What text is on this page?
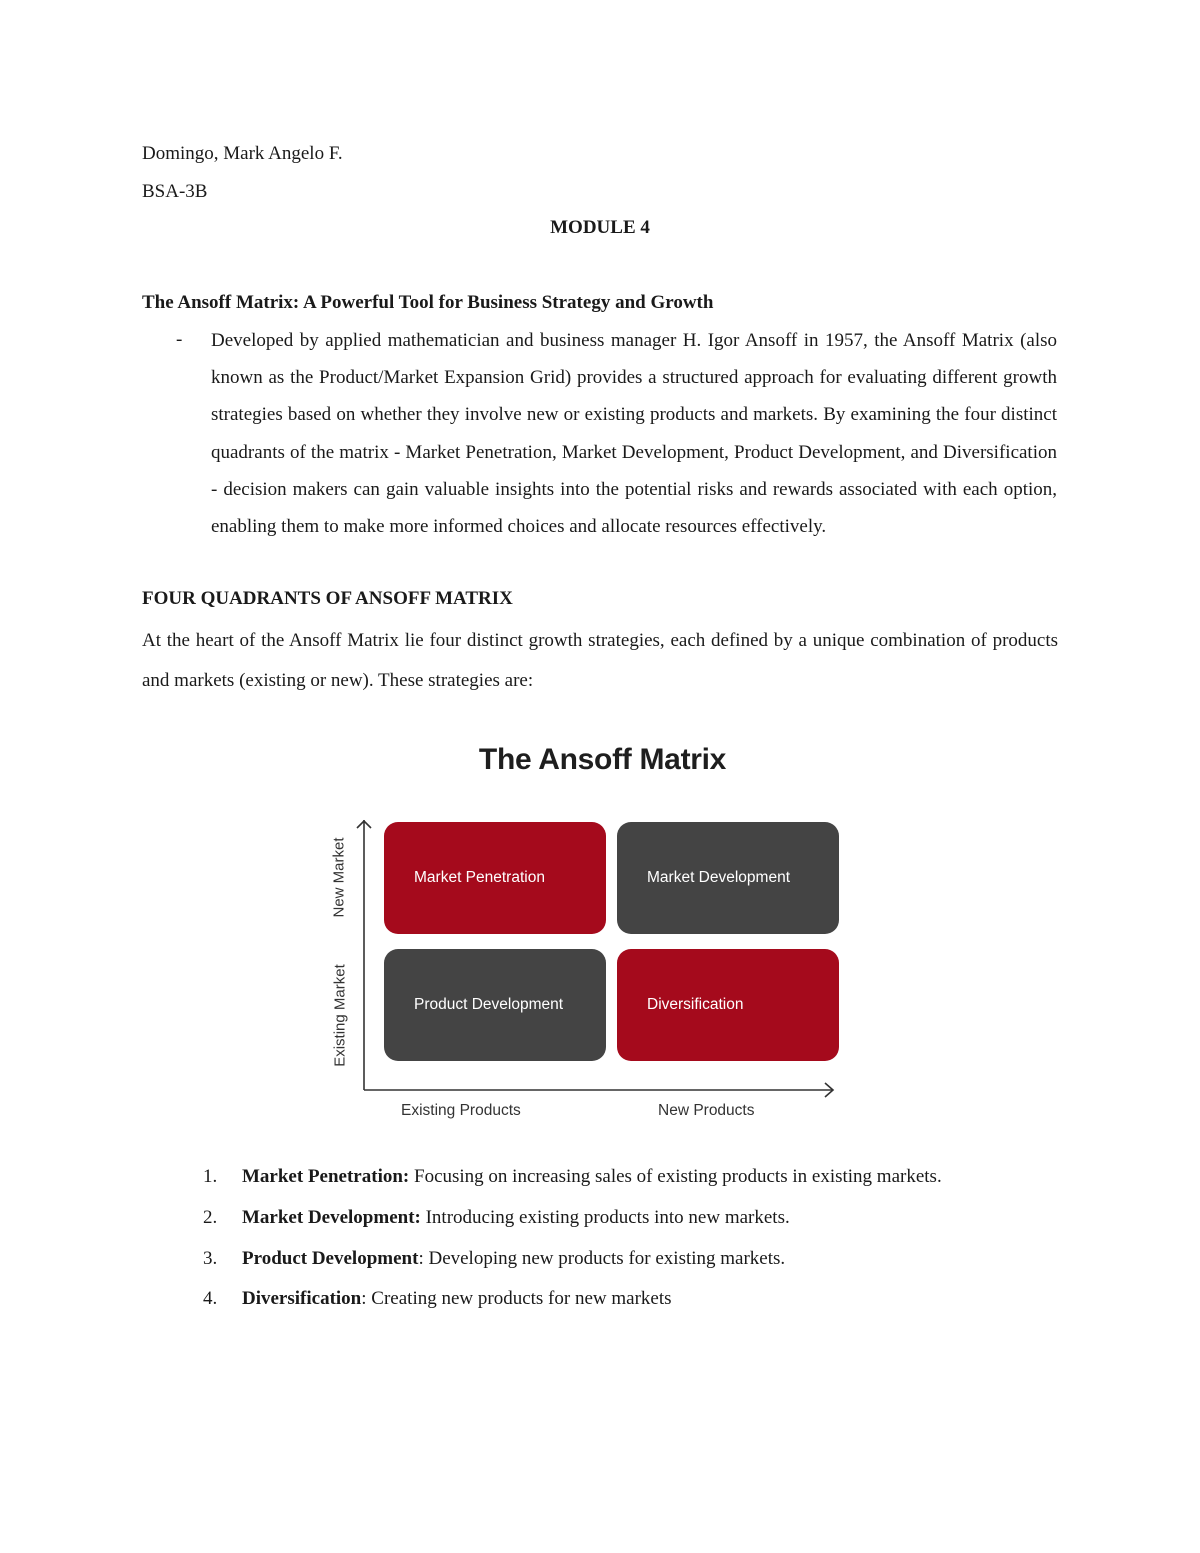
Domingo, Mark Angelo F.
BSA-3B
MODULE 4
The Ansoff Matrix: A Powerful Tool for Business Strategy and Growth
- Developed by applied mathematician and business manager H. Igor Ansoff in 1957, the Ansoff Matrix (also known as the Product/Market Expansion Grid) provides a structured approach for evaluating different growth strategies based on whether they involve new or existing products and markets. By examining the four distinct quadrants of the matrix - Market Penetration, Market Development, Product Development, and Diversification - decision makers can gain valuable insights into the potential risks and rewards associated with each option, enabling them to make more informed choices and allocate resources effectively.
FOUR QUADRANTS OF ANSOFF MATRIX
At the heart of the Ansoff Matrix lie four distinct growth strategies, each defined by a unique combination of products and markets (existing or new). These strategies are:
The Ansoff Matrix
Market Penetration	Market Development
Product Development	Diversification
New Market
Existing Market
Existing Products	New Products
1.	Market Penetration: Focusing on increasing sales of existing products in existing markets.
2.	Market Development: Introducing existing products into new markets.
3.	Product Development: Developing new products for existing markets.
4.	Diversification: Creating new products for new markets
